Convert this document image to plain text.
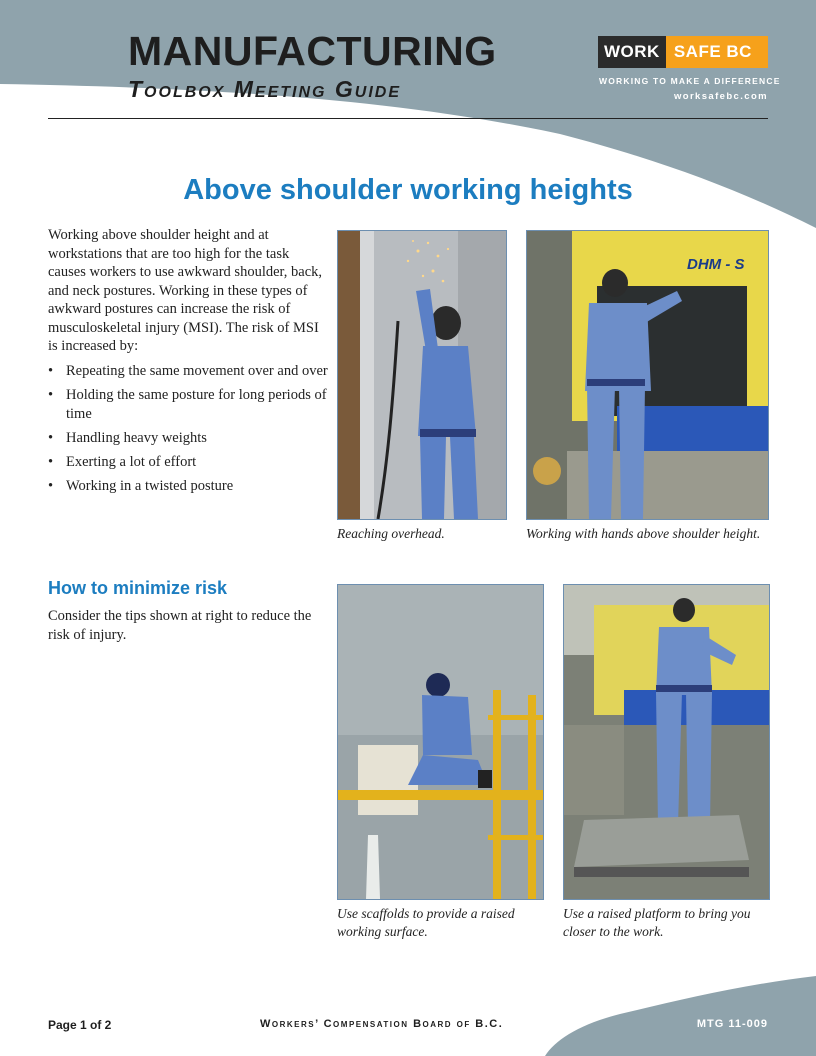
MANUFACTURING
Toolbox Meeting Guide
WORK SAFE BC
WORKING TO MAKE A DIFFERENCE
worksafebc.com
Above shoulder working heights

Working above shoulder height and at workstations that are too high for the task causes workers to use awkward shoulder, back, and neck postures. Working in these types of awkward postures can increase the risk of musculoskeletal injury (MSI). The risk of MSI is increased by:

• Repeating the same movement over and over
• Holding the same posture for long periods of time
• Handling heavy weights
• Exerting a lot of effort
• Working in a twisted posture
How to minimize risk

Consider the tips shown at right to reduce the risk of injury.

DHM - S

Reaching overhead.	Working with hands above shoulder height.

Use scaffolds to provide a raised working surface.

Use a raised platform to bring you closer to the work.

Page 1 of 2	Workers’ Compensation Board of B.C.	MTG 11-009
